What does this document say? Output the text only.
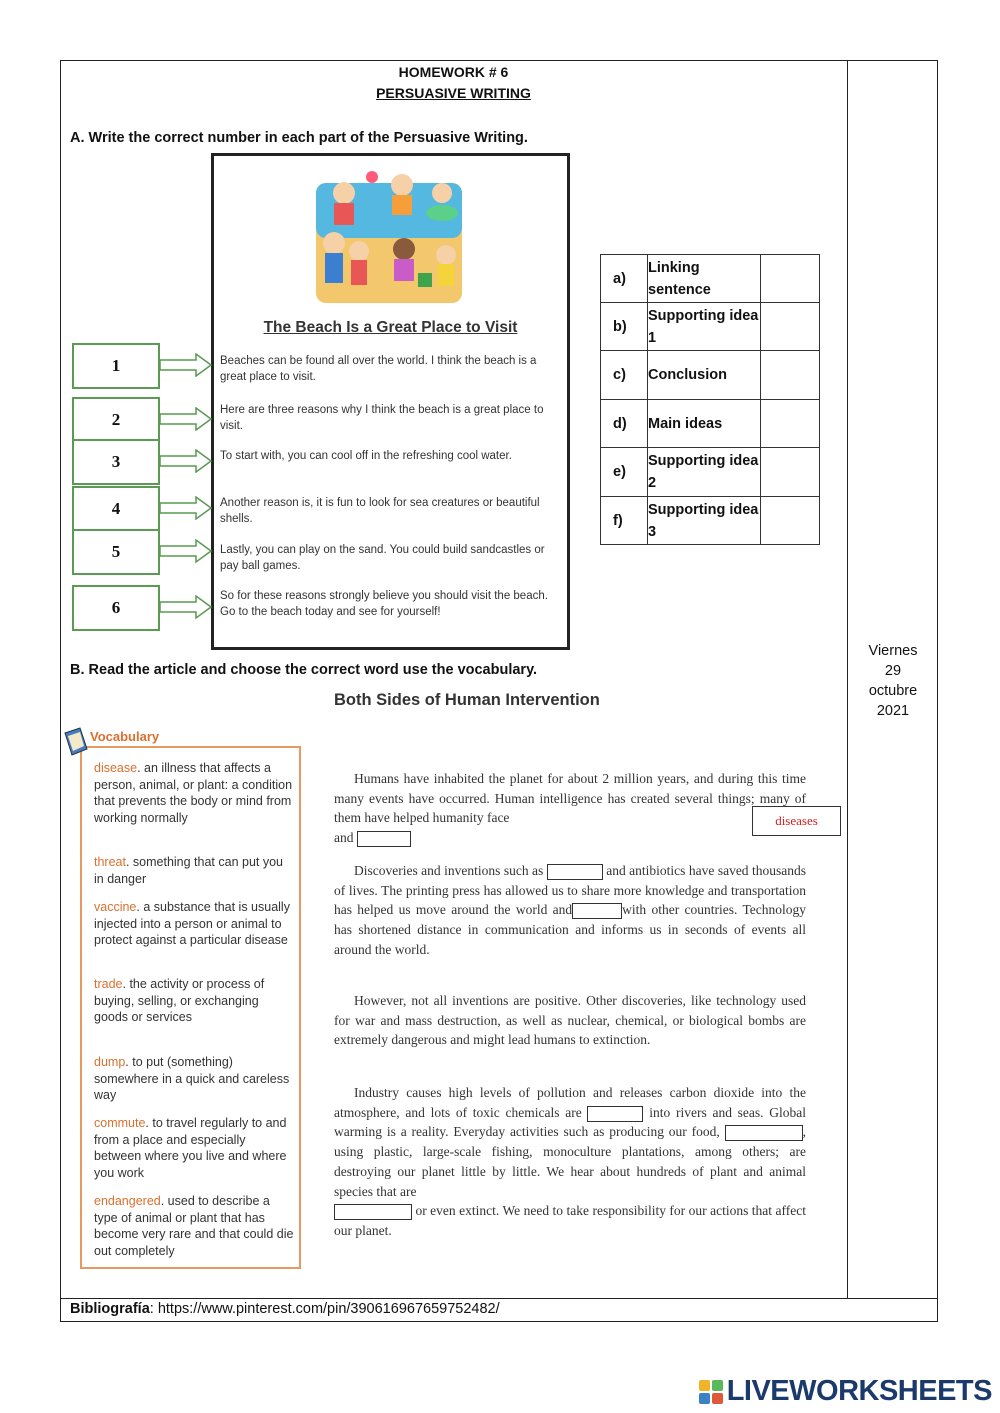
HOMEWORK # 6
PERSUASIVE WRITING
A. Write the correct number in each part of the Persuasive Writing.
The Beach Is a Great Place to Visit
Beaches can be found all over the world. I think the beach is a great place to visit.
Here are three reasons why I think the beach is a great place to visit.
To start with, you can cool off in the refreshing cool water.
Another reason is, it is fun to look for sea creatures or beautiful shells.
Lastly, you can play on the sand. You could build sandcastles or pay ball games.
So for these reasons strongly believe you should visit the beach. Go to the beach today and see for yourself!
1
2
3
4
5
6
a)	Linking sentence	
b)	Supporting idea 1	
c)	Conclusion	
d)	Main ideas	
e)	Supporting idea 2	
f)	Supporting idea 3	
Viernes
29
octubre
2021
B. Read the article and choose the correct word use the vocabulary.
Both Sides of Human Intervention
Vocabulary
disease. an illness that affects a person, animal, or plant: a condition that prevents the body or mind from working normally
threat. something that can put you in danger
vaccine. a substance that is usually injected into a person or animal to protect against a particular disease
trade. the activity or process of buying, selling, or exchanging goods or services
dump. to put (something) somewhere in a quick and careless way
commute. to travel regularly to and from a place and especially between where you live and where you work
endangered. used to describe a type of animal or plant that has become very rare and that could die out completely

Humans have inhabited the planet for about 2 million years, and during this time many events have occurred. Human intelligence has created several things; many of them have helped humanity face
and

Discoveries and inventions such as	and antibiotics have saved thousands of lives. The printing press has allowed us to share more knowledge and transportation has helped us move around the world and	with other countries. Technology has shortened distance in communication and informs us in seconds of events all around the world.

However, not all inventions are positive. Other discoveries, like technology used for war and mass destruction, as well as nuclear, chemical, or biological bombs are extremely dangerous and might lead humans to extinction.

Industry causes high levels of pollution and releases carbon dioxide into the atmosphere, and lots of toxic chemicals are	into rivers and seas. Global warming is a reality. Everyday activities such as producing our food,	, using plastic, large-scale fishing, monoculture plantations, among others; are destroying our planet little by little. We hear about hundreds of plant and animal species that are
or even extinct. We need to take responsibility for our actions that affect our planet.

diseases
Bibliografía: https://www.pinterest.com/pin/390616967659752482/
LIVEWORKSHEETS
